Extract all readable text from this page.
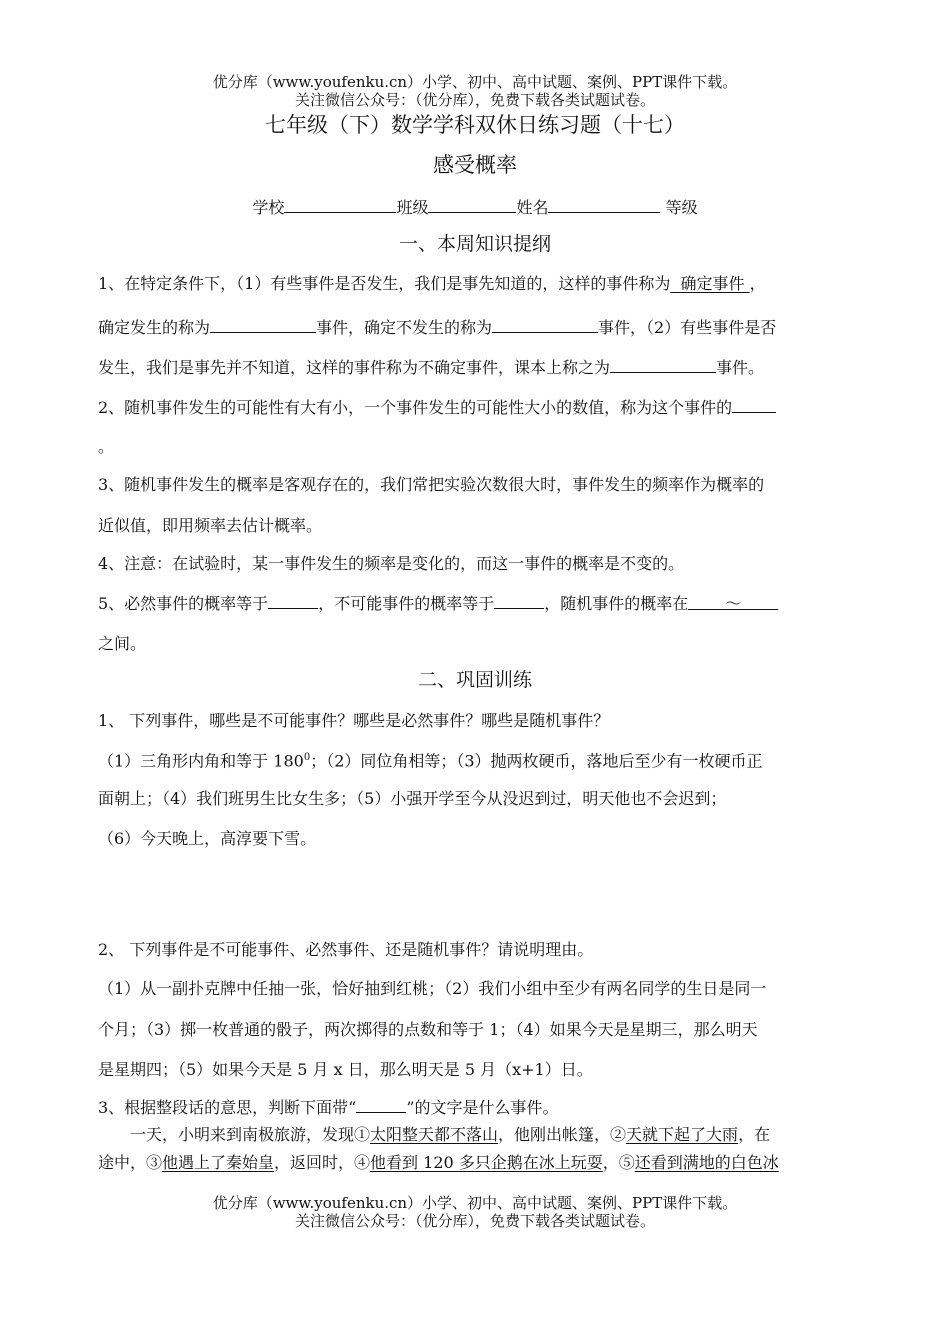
优分库（www.youfenku.cn）小学、初中、高中试题、案例、PPT课件下载。
关注微信公众号：（优分库），免费下载各类试题试卷。
七年级（下）数学学科双休日练习题（十七）
感受概率
学校	班级	姓名	等级
一、本周知识提纲
1、在特定条件下，（1）有些事件是否发生，我们是事先知道的，这样的事件称为 确定事件 ，
确定发生的称为	事件，确定不发生的称为	事件，（2）有些事件是否
发生，我们是事先并不知道，这样的事件称为不确定事件，课本上称之为	事件。
2、随机事件发生的可能性有大有小，一个事件发生的可能性大小的数值，称为这个事件的
。
3、随机事件发生的概率是客观存在的，我们常把实验次数很大时，事件发生的频率作为概率的
近似值，即用频率去估计概率。
4、注意：在试验时，某一事件发生的频率是变化的，而这一事件的概率是不变的。
5、必然事件的概率等于	，不可能事件的概率等于	，随机事件的概率在 ～
之间。
二、巩固训练
1、 下列事件，哪些是不可能事件？哪些是必然事件？哪些是随机事件？
（1）三角形内角和等于 $180^0$；（2）同位角相等；（3）抛两枚硬币，落地后至少有一枚硬币正
面朝上；（4）我们班男生比女生多；（5）小强开学至今从没迟到过，明天他也不会迟到；
（6）今天晚上，高淳要下雪。
2、 下列事件是不可能事件、必然事件、还是随机事件？请说明理由。
（1）从一副扑克牌中任抽一张，恰好抽到红桃；（2）我们小组中至少有两名同学的生日是同一
个月；（3）掷一枚普通的骰子，两次掷得的点数和等于 1；（4）如果今天是星期三，那么明天
是星期四；（5）如果今天是 5 月 x 日，那么明天是 5 月（x+1）日。
3、根据整段话的意思，判断下面带“	”的文字是什么事件。
一天，小明来到南极旅游，发现①太阳整天都不落山，他刚出帐篷，②天就下起了大雨，在
途中，③他遇上了秦始皇，返回时，④他看到 120 多只企鹅在冰上玩耍，⑤还看到满地的白色冰
优分库（www.youfenku.cn）小学、初中、高中试题、案例、PPT课件下载。
关注微信公众号：（优分库），免费下载各类试题试卷。
